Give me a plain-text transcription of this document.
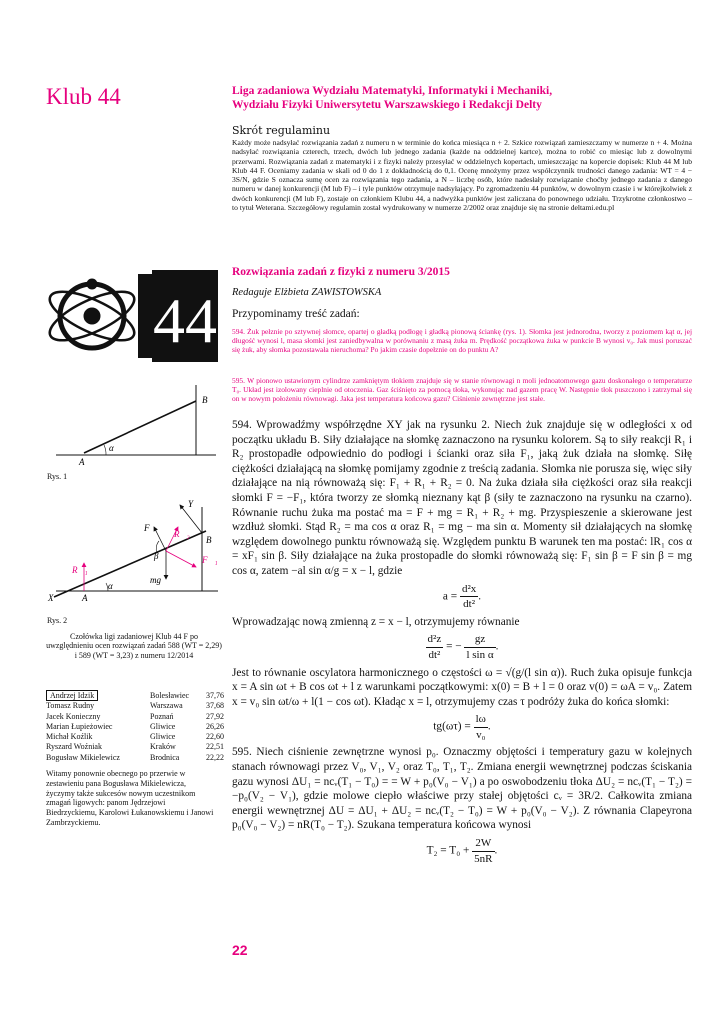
Klub 44	Liga zadaniowa Wydziału Matematyki, Informatyki i Mechaniki,
Wydziału Fizyki Uniwersytetu Warszawskiego i Redakcji Delty
Skrót regulaminu
Każdy może nadsyłać rozwiązania zadań z numeru n w terminie do końca miesiąca n + 2. Szkice rozwiązań zamieszczamy w numerze n + 4. Można nadsyłać rozwiązania czterech, trzech, dwóch lub jednego zadania (każde na oddzielnej kartce), można to robić co miesiąc lub z dowolnymi przerwami. Rozwiązania zadań z matematyki i z fizyki należy przesyłać w oddzielnych kopertach, umieszczając na kopercie dopisek: Klub 44 M lub Klub 44 F. Oceniamy zadania w skali od 0 do 1 z dokładnością do 0,1. Ocenę mnożymy przez współczynnik trudności danego zadania: WT = 4 − 3S/N, gdzie S oznacza sumę ocen za rozwiązania tego zadania, a N – liczbę osób, które nadesłały rozwiązanie choćby jednego zadania z danego numeru w danej konkurencji (M lub F) – i tyle punktów otrzymuje nadsyłający. Po zgromadzeniu 44 punktów, w dowolnym czasie i w którejkolwiek z dwóch konkurencji (M lub F), zostaje on członkiem Klubu 44, a nadwyżka punktów jest zaliczana do ponownego udziału. Trzykrotne członkostwo – to tytuł Weterana. Szczegółowy regulamin został wydrukowany w numerze 2/2002 oraz znajduje się na stronie deltami.edu.pl
44
A
B
α
Rys. 1
X
Y
A
B
F⃗
R⃗₂
F⃗₁
R⃗₁
mg⃗
β
α
Rys. 2
Czołówka ligi zadaniowej Klub 44 F po uwzględnieniu ocen rozwiązań zadań 588 (WT = 2,29) i 589 (WT = 3,23) z numeru 12/2014
Andrzej Idzik	Bolesławiec	37,76
Tomasz Rudny	Warszawa	37,68
Jacek Konieczny	Poznań	27,92
Marian Łupieżowiec	Gliwice	26,26
Michał Koźlik	Gliwice	22,60
Ryszard Woźniak	Kraków	22,51
Bogusław Mikielewicz	Brodnica	22,22
Witamy ponownie obecnego po przerwie w zestawieniu pana Bogusława Mikielewicza, życzymy także sukcesów nowym uczestnikom zmagań ligowych: panom Jędrzejowi Biedrzyckiemu, Karolowi Łukanowskiemu i Janowi Zambrzyckiemu.
Rozwiązania zadań z fizyki z numeru 3/2015
Redaguje Elżbieta ZAWISTOWSKA
Przypominamy treść zadań:
594. Żuk pełznie po sztywnej słomce, opartej o gładką podłogę i gładką pionową ściankę (rys. 1). Słomka jest jednorodna, tworzy z poziomem kąt α, jej długość wynosi l, masa słomki jest zaniedbywalna w porównaniu z masą żuka m. Prędkość początkowa żuka w punkcie B wynosi v₀. Jak musi poruszać się żuk, aby słomka pozostawała nieruchoma? Po jakim czasie dopełznie on do punktu A?
595. W pionowo ustawionym cylindrze zamkniętym tłokiem znajduje się w stanie równowagi n moli jednoatomowego gazu doskonałego o temperaturze T₀. Układ jest izolowany cieplnie od otoczenia. Gaz ściśnięto za pomocą tłoka, wykonując nad gazem pracę W. Następnie tłok puszczono i zatrzymał się on w nowym położeniu równowagi. Jaka jest temperatura końcowa gazu? Ciśnienie zewnętrzne jest stałe.

594. Wprowadźmy współrzędne XY jak na rysunku 2. Niech żuk znajduje się w odległości x od początku układu B. Siły działające na słomkę zaznaczono na rysunku kolorem. Są to siły reakcji R₁ i R₂ prostopadłe odpowiednio do podłogi i ścianki oraz siła F₁, jaką żuk działa na słomkę. Siłę ciężkości działającą na słomkę pomijamy zgodnie z treścią zadania. Słomka nie porusza się, więc siły działające na nią równoważą się: F₁ + R₁ + R₂ = 0. Na żuka działa siła ciężkości oraz siła reakcji słomki F = −F₁, która tworzy ze słomką nieznany kąt β (siły te zaznaczono na rysunku na czarno). Równanie ruchu żuka ma postać ma = F + mg = R₁ + R₂ + mg. Przyspieszenie a skierowane jest wzdłuż słomki. Stąd R₂ = ma cos α oraz R₁ = mg − ma sin α. Momenty sił działających na słomkę względem dowolnego punktu równoważą się. Względem punktu B warunek ten ma postać: lR₁ cos α = xF₁ sin β. Siły działające na żuka prostopadle do słomki równoważą się: F₁ sin β = F sin β = mg cos α, zatem −al sin α/g = x − l, gdzie

$a = \frac{\text{d²x}}{\text{dt²}}$ .

Wprowadzając nową zmienną z = x − l, otrzymujemy równanie

$\frac{\text{d²z}}{\text{dt²}}$ = − $\frac{gz}{\text{l sin α}}$ .

Jest to równanie oscylatora harmonicznego o częstości ω = √(g/(l sin α)). Ruch żuka opisuje funkcja x = A sin ωt + B cos ωt + l z warunkami początkowymi: x(0) = B + l = 0 oraz v(0) = ωA = v₀. Zatem x = v₀ sin ωt/ω + l(1 − cos ωt). Kładąc x = l, otrzymujemy czas τ podróży żuka do końca słomki:

$tg(\omega\tau) = \frac{l\omega}{\text{v₀}}$ .

595. Niech ciśnienie zewnętrzne wynosi p₀. Oznaczmy objętości i temperatury gazu w kolejnych stanach równowagi przez V₀, V₁, V₂ oraz T₀, T₁, T₂. Zmiana energii wewnętrznej podczas ściskania gazu wynosi ΔU₁ = ncᵥ(T₁ − T₀) = = W + p₀(V₀ − V₁) a po oswobodzeniu tłoka ΔU₂ = ncᵥ(T₁ − T₂) = −p₀(V₂ − V₁), gdzie molowe ciepło właściwe przy stałej objętości cᵥ = 3R/2. Całkowita zmiana energii wewnętrznej ΔU = ΔU₁ + ΔU₂ = ncᵥ(T₂ − T₀) = W + p₀(V₀ − V₂). Z równania Clapeyrona p₀(V₀ − V₂) = nR(T₀ − T₂). Szukana temperatura końcowa wynosi

$T_2 = T_0 + \frac{2W}{5nR}$ .
22
